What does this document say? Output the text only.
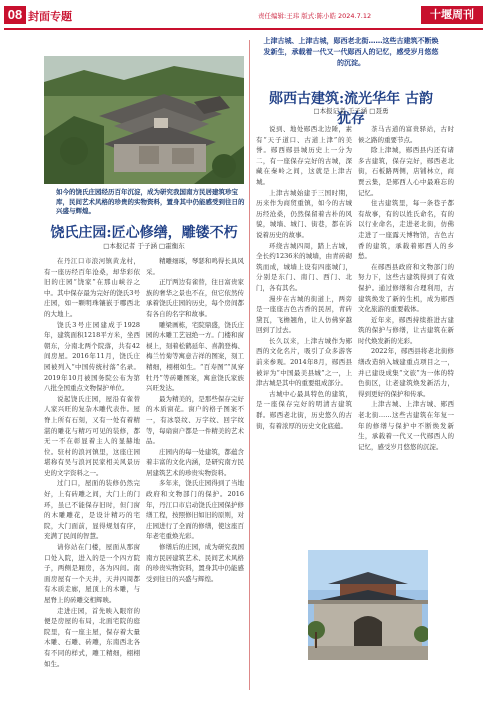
08 封面专题	责任编辑:王玮 版式:陈小皓 2024.7.12	十堰周刊
如今的饶氏庄园经历百年沉淀，成为研究我国南方民居建筑珍宝库，民间艺术风格的珍贵的实物资料，置身其中仍能感受到往日的兴盛与辉煌。
饶氏庄园:匠心修缮，雕镂不朽
□本报记者 于子涵 □霍衡东

在丹江口市浪河镇黄龙村，有一座历经百年沧桑，却华彩依旧的庄园“饶家”在那山峡谷之中。其中保存最为完好的饶氏3号庄园，如一颗明珠镶嵌于哪西北的大地上。

饶氏3号庄园建成于1928年，建筑面积1218平方米，坐西朝东，分南北两个院落，共有42间房屋。2016年11月，饶氏庄园被列入“中国传统村落”名录。2019年10月被国务院公布为第八批全国重点文物保护单位。

说起饶氏庄园，屋沿有雀替人家兴旺的复杂木雕代表作。屋脊上所有石刻，又有一处有着精湛的雕花与精巧可见的装修，都无一不在彰显着主人的显赫地位。驻村的浪河镇里，这座庄园堪称有吴与浪河民家相关风景历史的文字资料之一。

过门口，屋面的装修仍然完好，上有砖雕之间，大门上的门环，虽已不能保存旧时，但门窗的木雕雕花，是设计精巧的宅院，大门面前，显得规划有序，充满了民间的智慧。

请你站在门楼，屋面从那窗口处入院，进入的是一个四方院子，两侧是厢房，各为四间。南面房屋有一个天井，天井四周都有木质走廊，屋顶上的木雕，与屋脊上的砖雕交相辉映。

走进庄园，首先映入眼帘的便是房屋的布局，北面宅院的庭院里，有一座主屋，保存着大量木雕、石雕、砖雕，东南西北各有不同的样式，雕工精细，栩栩如生。

精雕细琢，琴瑟和鸣得长具风采。

正厅两边有雀替，往日富贵家族的奢华之景也不在，但它依然传承着饶氏庄园的历史，每个房间都有各自的名字和故事。

雕梁画栋，宅院鼎盛，饶氏庄园的木雕工艺冠绝一方。门楼和窗棂上，刻着松鹤延年、喜鹊登梅、梅兰竹菊等寓意吉祥的图案，刻工精细，栩栩如生。“百寿图”“凤穿牡丹”等砖雕图案，寓意饶氏家族兴旺发达。

最为精美的，是那些保存完好的木质窗花。窗户的格子图案不一，有冰裂纹、万字纹、回字纹等，每扇窗户都是一件精美的艺术品。

庄园内的每一处建筑，都蕴含着丰富的文化内涵，是研究南方民居建筑艺术的珍贵实物资料。

多年来，饶氏庄园得到了当地政府和文物部门的保护。2016年，丹江口市启动饶氏庄园保护修缮工程，按照修旧如旧的原则，对庄园进行了全面的修缮，使这座百年老宅重焕光彩。

修缮后的庄园，成为研究我国南方民居建筑艺术、民间艺术风格的珍贵实物资料，置身其中仍能感受到往日的兴盛与辉煌。

上津古城、上津古城，郧西老北街……这些古建筑不断焕发新生，承载着一代又一代郧西人的记忆，感受岁月悠悠的沉淀。
郧西古建筑:流光华年 古韵犹存
□本报记者 于子涵 □聂勇

说到、地处郧西北边陲，素有“天子道口、古道上津”的美誉。郧西郧县城历史上一分为二，有一座保存完好的古城，深藏在秦岭之间，这就是上津古城。

上津古城始建于三国时期，历来作为商贸重镇，如今的古城历经沧桑，仍然保留着古朴的风貌，城墙、城门、街巷，都在诉说着历史的故事。

环绕古城四周，踏上古城，全长约1236米的城墙，由青砖砌筑而成，城墙上设有四座城门，分别是东门、南门、西门、北门，各有其名。

漫步在古城的街道上，两旁是一座座古色古香的民居，青砖黛瓦，飞檐翘角，让人仿佛穿越回到了过去。

长久以来，上津古城作为郧西的文化名片，吸引了众多游客前来参观。2014年8月，郧西县被评为“中国最美县城”之一，上津古城是其中的重要组成部分。

古城中心最具特色的建筑，是一座保存完好的明清古建筑群。郧西老北街，历史悠久的古街，有着浓厚的历史文化底蕴。

茶马古道的富贵驿站，古时候之路的重要节点。

除上津城，郧西县内还有诸多古建筑，保存完好，郧西老北街，石板路两侧，店铺林立，商贾云集，是郧西人心中最难忘的记忆。

住古建筑里，每一条巷子都有故事，有的以姓氏命名，有的以行业命名，走进老北街，仿佛走进了一座露天博物馆，古色古香的建筑，承载着郧西人的乡愁。

在郧西县政府和文物部门的努力下，这些古建筑得到了有效保护。通过修缮和合理利用，古建筑焕发了新的生机，成为郧西文化旅游的重要载体。

近年来，郧西持续推进古建筑的保护与修缮，让古建筑在新时代焕发新的光彩。

2022年，郧西县将老北街修缮改造纳入城建重点项目之一，并已建设成集“文旅”为一体的特色街区，让老建筑焕发新活力，得到更好的保护和传承。

上津古城、上津古城、郧西老北街……这些古建筑在年复一年的修缮与保护中不断焕发新生，承载着一代又一代郧西人的记忆，感受岁月悠悠的沉淀。
